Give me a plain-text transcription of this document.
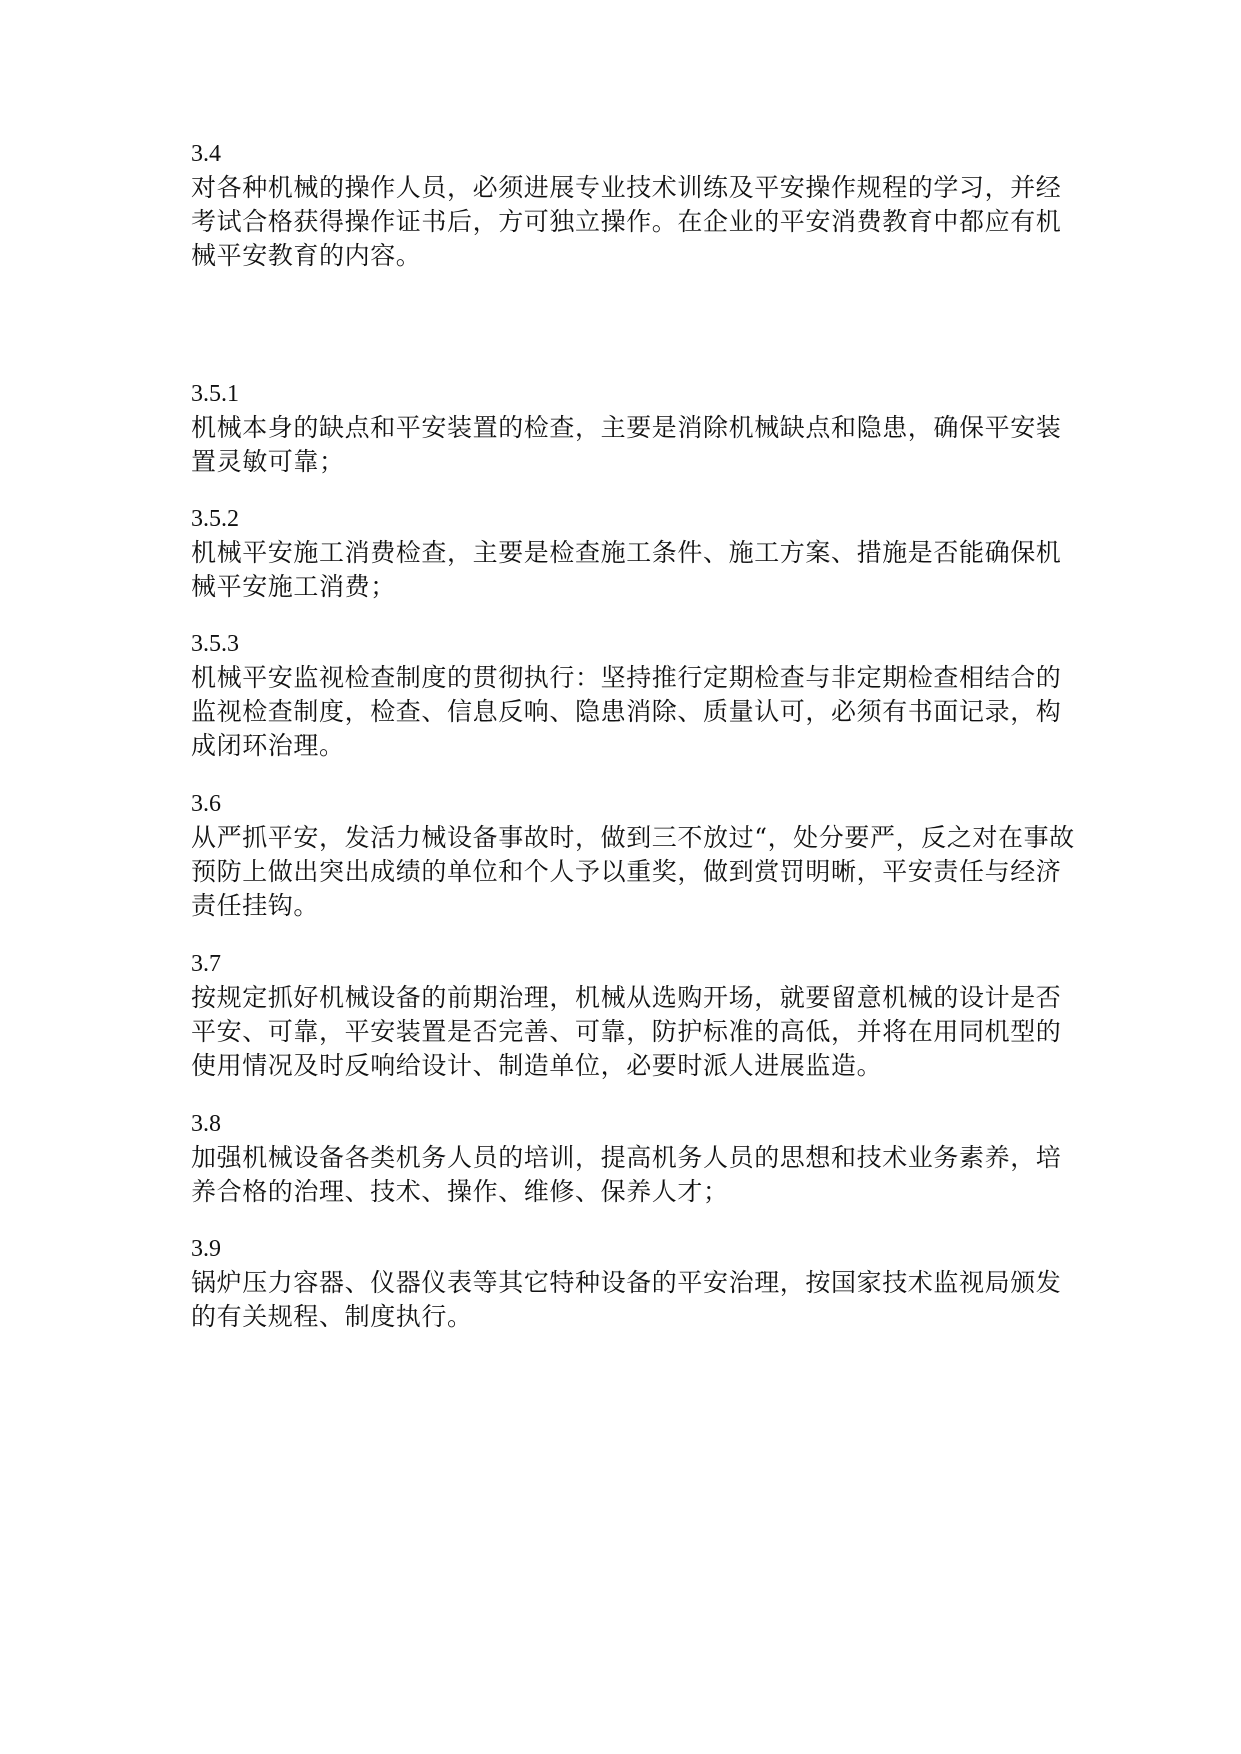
3.4
对各种机械的操作人员，必须进展专业技术训练及平安操作规程的学习，并经
考试合格获得操作证书后，方可独立操作。在企业的平安消费教育中都应有机
械平安教育的内容。
3.5.1
机械本身的缺点和平安装置的检查，主要是消除机械缺点和隐患，确保平安装
置灵敏可靠；
3.5.2
机械平安施工消费检查，主要是检查施工条件、施工方案、措施是否能确保机
械平安施工消费；
3.5.3
机械平安监视检查制度的贯彻执行：坚持推行定期检查与非定期检查相结合的
监视检查制度，检查、信息反响、隐患消除、质量认可，必须有书面记录，构
成闭环治理。
3.6
从严抓平安，发活力械设备事故时，做到三不放过“，处分要严，反之对在事故
预防上做出突出成绩的单位和个人予以重奖，做到赏罚明晰，平安责任与经济
责任挂钩。
3.7
按规定抓好机械设备的前期治理，机械从选购开场，就要留意机械的设计是否
平安、可靠，平安装置是否完善、可靠，防护标准的高低，并将在用同机型的
使用情况及时反响给设计、制造单位，必要时派人进展监造。
3.8
加强机械设备各类机务人员的培训，提高机务人员的思想和技术业务素养，培
养合格的治理、技术、操作、维修、保养人才；
3.9
锅炉压力容器、仪器仪表等其它特种设备的平安治理，按国家技术监视局颁发
的有关规程、制度执行。
